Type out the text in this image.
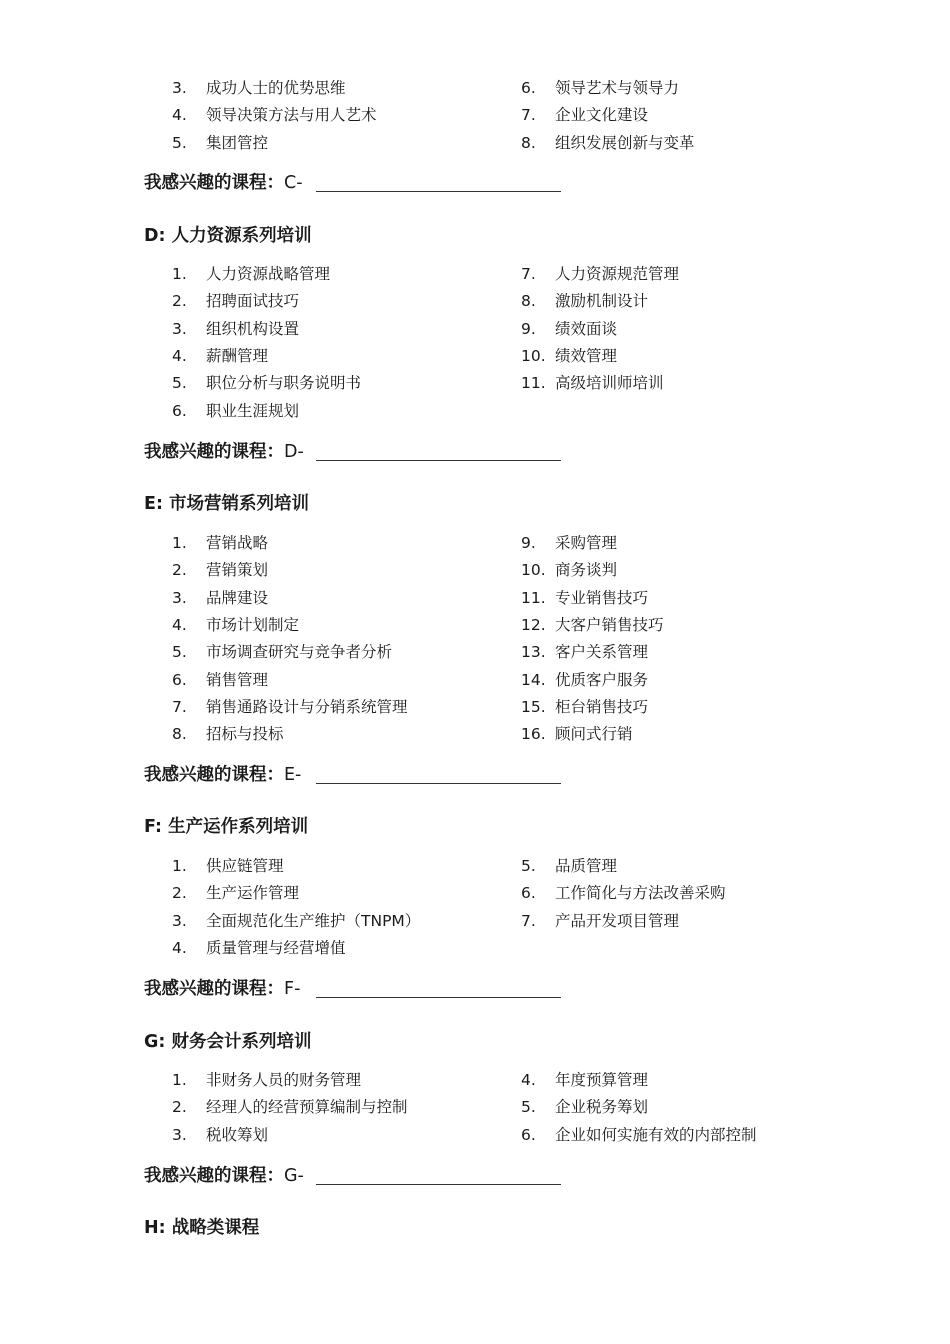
3.	成功人士的优势思维
4.	领导决策方法与用人艺术
5.	集团管控
6.	领导艺术与领导力
7.	企业文化建设
8.	组织发展创新与变革
我感兴趣的课程：C-
D: 人力资源系列培训
1.	人力资源战略管理
2.	招聘面试技巧
3.	组织机构设置
4.	薪酬管理
5.	职位分析与职务说明书
6.	职业生涯规划
7.	人力资源规范管理
8.	激励机制设计
9.	绩效面谈
10. 绩效管理
11. 高级培训师培训
我感兴趣的课程：D-
E: 市场营销系列培训
1.	营销战略
2.	营销策划
3.	品牌建设
4.	市场计划制定
5.	市场调查研究与竞争者分析
6.	销售管理
7.	销售通路设计与分销系统管理
8.	招标与投标
9.	采购管理
10. 商务谈判
11. 专业销售技巧
12. 大客户销售技巧
13. 客户关系管理
14. 优质客户服务
15. 柜台销售技巧
16. 顾问式行销
我感兴趣的课程：E-
F: 生产运作系列培训
1.	供应链管理
2.	生产运作管理
3.	全面规范化生产维护（TNPM）
4.	质量管理与经营增值
5.	品质管理
6.	工作简化与方法改善采购
7.	产品开发项目管理
我感兴趣的课程：F-
G: 财务会计系列培训
1.	非财务人员的财务管理
2.	经理人的经营预算编制与控制
3.	税收筹划
4.	年度预算管理
5.	企业税务筹划
6.	企业如何实施有效的内部控制
我感兴趣的课程：G-
H: 战略类课程
